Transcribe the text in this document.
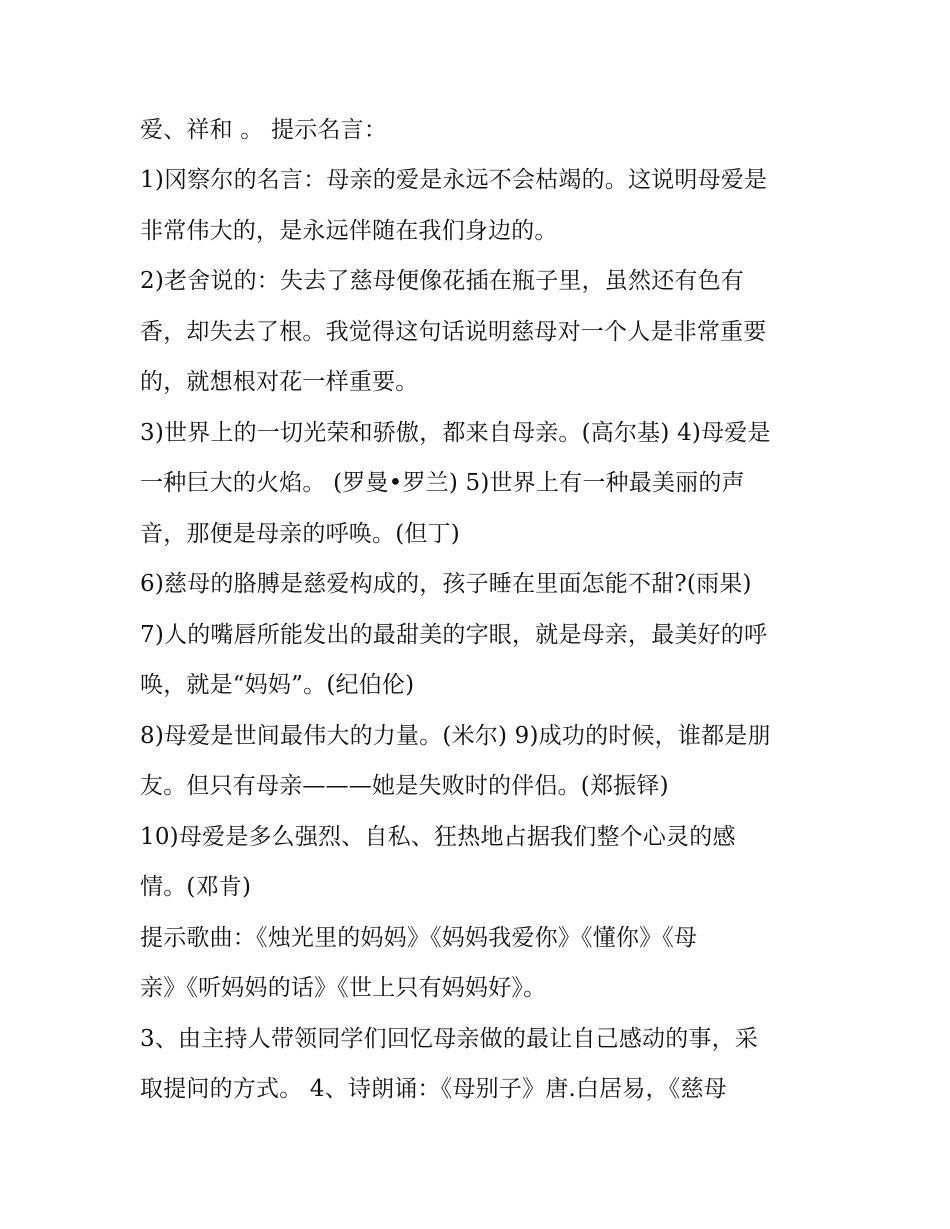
爱、祥和 。 提示名言：
1)冈察尔的名言：母亲的爱是永远不会枯竭的。这说明母爱是
非常伟大的，是永远伴随在我们身边的。
2)老舍说的：失去了慈母便像花插在瓶子里，虽然还有色有
香，却失去了根。我觉得这句话说明慈母对一个人是非常重要
的，就想根对花一样重要。
3)世界上的一切光荣和骄傲，都来自母亲。(高尔基) 4)母爱是
一种巨大的火焰。 (罗曼•罗兰) 5)世界上有一种最美丽的声
音，那便是母亲的呼唤。(但丁)
6)慈母的胳膊是慈爱构成的，孩子睡在里面怎能不甜?(雨果)
7)人的嘴唇所能发出的最甜美的字眼，就是母亲，最美好的呼
唤，就是“妈妈”。(纪伯伦)
8)母爱是世间最伟大的力量。(米尔) 9)成功的时候，谁都是朋
友。但只有母亲———她是失败时的伴侣。(郑振铎)
10)母爱是多么强烈、自私、狂热地占据我们整个心灵的感
情。(邓肯)
提示歌曲：《烛光里的妈妈》《妈妈我爱你》《懂你》《母
亲》《听妈妈的话》《世上只有妈妈好》。
3、由主持人带领同学们回忆母亲做的最让自己感动的事，采
取提问的方式。 4、诗朗诵：《母别子》唐.白居易，《慈母
